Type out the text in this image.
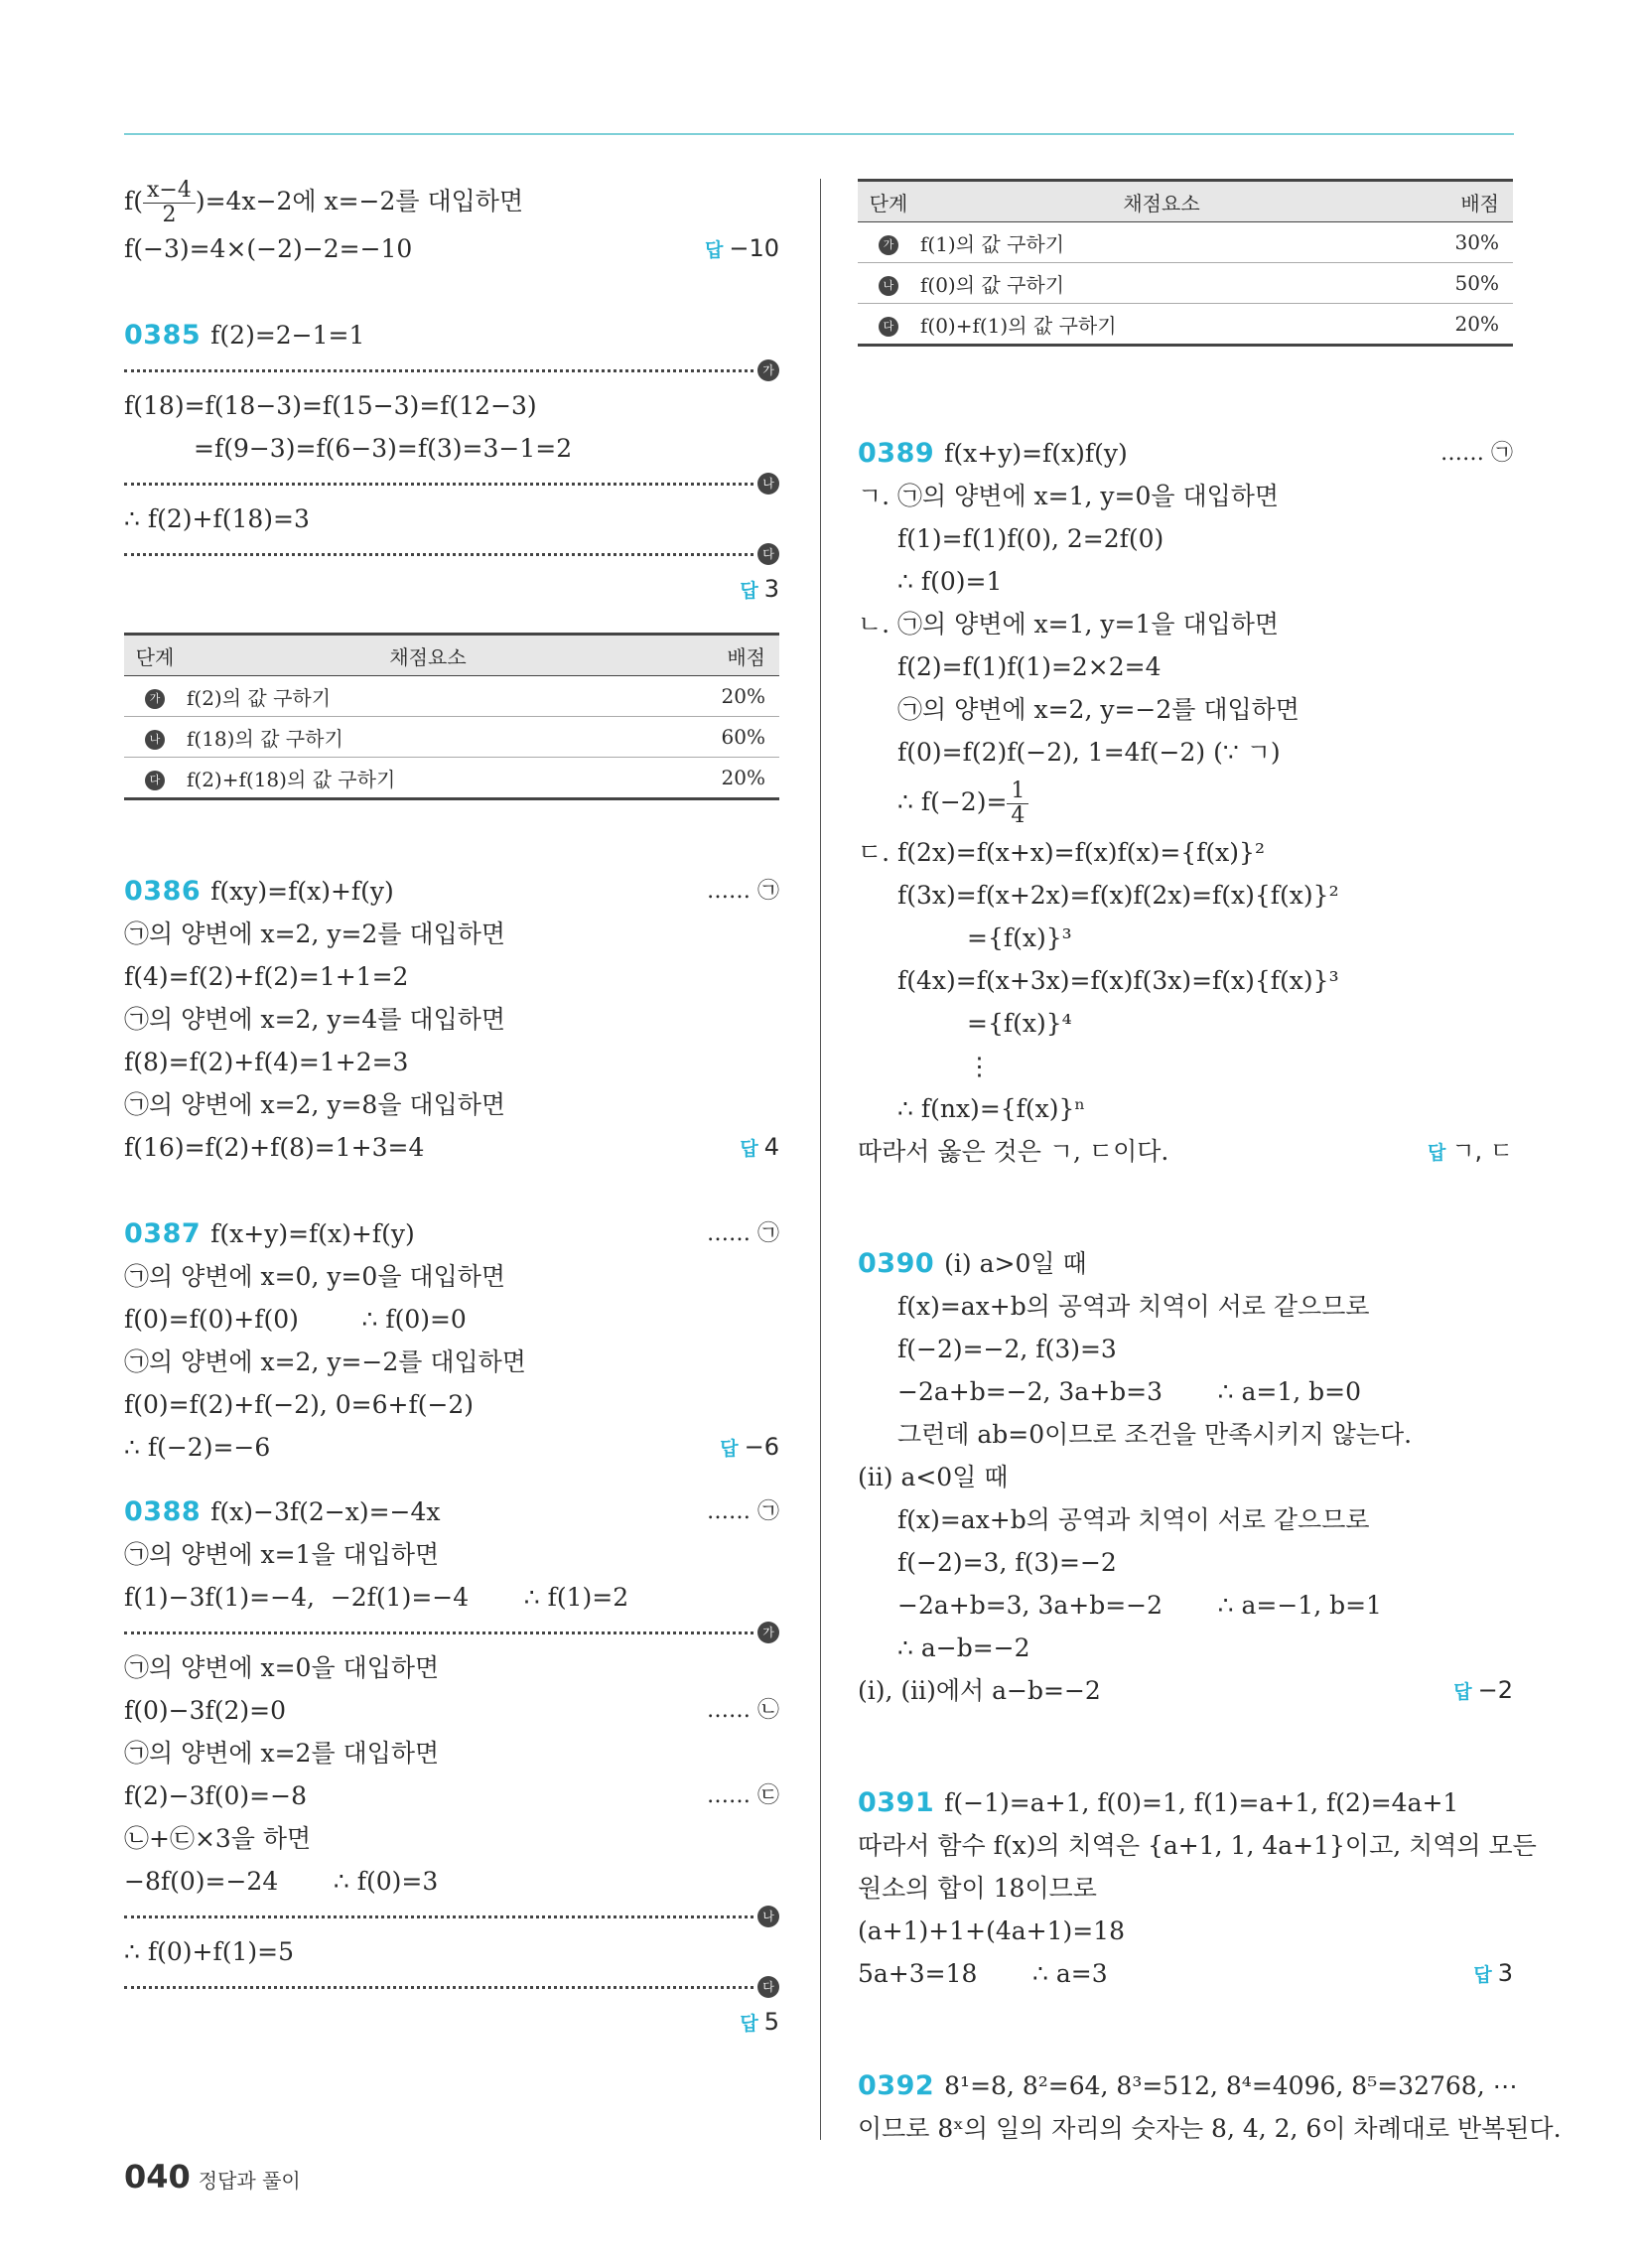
$f( \frac{x-4}{2} )=4x-2$에 x=−2를 대입하면
f(−3)=4×(−2)−2=−10	답 −10
0385 f(2)=2−1=1
가
f(18)=f(18−3)=f(15−3)=f(12−3)
=f(9−3)=f(6−3)=f(3)=3−1=2
나
∴ f(2)+f(18)=3
다
답 3

단계	채점요소	배점
가	f(2)의 값 구하기	20%
나	f(18)의 값 구하기	60%
다	f(2)+f(18)의 값 구하기	20%
0386 f(xy)=f(x)+f(y)	…… ㉠
㉠의 양변에 x=2, y=2를 대입하면
f(4)=f(2)+f(2)=1+1=2
㉠의 양변에 x=2, y=4를 대입하면
f(8)=f(2)+f(4)=1+2=3
㉠의 양변에 x=2, y=8을 대입하면
f(16)=f(2)+f(8)=1+3=4	답 4
0387 f(x+y)=f(x)+f(y)	…… ㉠
㉠의 양변에 x=0, y=0을 대입하면
f(0)=f(0)+f(0)        ∴ f(0)=0
㉠의 양변에 x=2, y=−2를 대입하면
f(0)=f(2)+f(−2), 0=6+f(−2)
∴ f(−2)=−6	답 −6
0388 f(x)−3f(2−x)=−4x	…… ㉠
㉠의 양변에 x=1을 대입하면
f(1)−3f(1)=−4,  −2f(1)=−4       ∴ f(1)=2
가
㉠의 양변에 x=0을 대입하면
f(0)−3f(2)=0	…… ㉡
㉠의 양변에 x=2를 대입하면
f(2)−3f(0)=−8	…… ㉢
㉡+㉢×3을 하면
−8f(0)=−24       ∴ f(0)=3
나
∴ f(0)+f(1)=5
다
답 5

단계	채점요소	배점
가	f(1)의 값 구하기	30%
나	f(0)의 값 구하기	50%
다	f(0)+f(1)의 값 구하기	20%
0389 f(x+y)=f(x)f(y)	…… ㉠
ㄱ. ㉠의 양변에 x=1, y=0을 대입하면
f(1)=f(1)f(0), 2=2f(0)
∴ f(0)=1
ㄴ. ㉠의 양변에 x=1, y=1을 대입하면
f(2)=f(1)f(1)=2×2=4
㉠의 양변에 x=2, y=−2를 대입하면
f(0)=f(2)f(−2), 1=4f(−2) (∵ ㄱ)
∴ $f(-2)= \frac{1}{4}$
ㄷ. f(2x)=f(x+x)=f(x)f(x)={f(x)}²
f(3x)=f(x+2x)=f(x)f(2x)=f(x){f(x)}²
={f(x)}³
f(4x)=f(x+3x)=f(x)f(3x)=f(x){f(x)}³
={f(x)}⁴
⋮
∴ f(nx)={f(x)}ⁿ
따라서 옳은 것은 ㄱ, ㄷ이다.	답 ㄱ, ㄷ
0390 (i) a>0일 때
f(x)=ax+b의 공역과 치역이 서로 같으므로
f(−2)=−2, f(3)=3
−2a+b=−2, 3a+b=3       ∴ a=1, b=0
그런데 ab=0이므로 조건을 만족시키지 않는다.
(ii) a<0일 때
f(x)=ax+b의 공역과 치역이 서로 같으므로
f(−2)=3, f(3)=−2
−2a+b=3, 3a+b=−2       ∴ a=−1, b=1
∴ a−b=−2
(i), (ii)에서 a−b=−2	답 −2
0391 f(−1)=a+1, f(0)=1, f(1)=a+1, f(2)=4a+1
따라서 함수 f(x)의 치역은 {a+1, 1, 4a+1}이고, 치역의 모든
원소의 합이 18이므로
(a+1)+1+(4a+1)=18
5a+3=18       ∴ a=3	답 3
0392 8¹=8, 8²=64, 8³=512, 8⁴=4096, 8⁵=32768, ⋯
이므로 8ˣ의 일의 자리의 숫자는 8, 4, 2, 6이 차례대로 반복된다.
040 정답과 풀이
